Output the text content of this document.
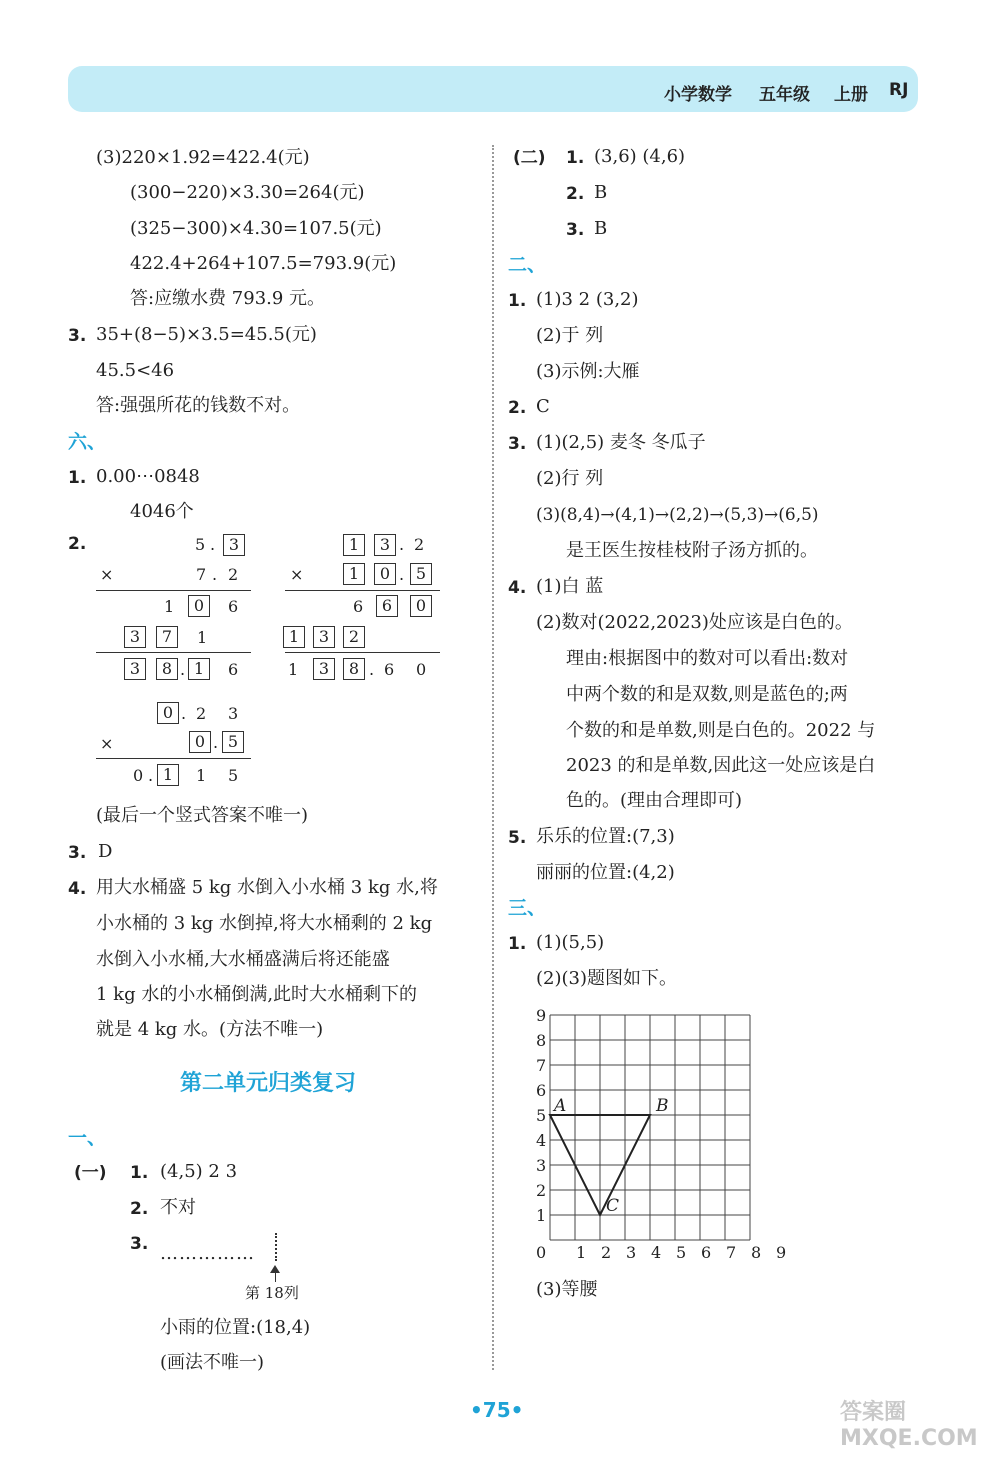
小学数学 五年级 上册 RJ
(3)220×1.92=422.4(元)
(300−220)×3.30=264(元)
(325−300)×4.30=107.5(元)
422.4+264+107.5=793.9(元)
答:应缴水费 793.9 元。
3. 35+(8−5)×3.5=45.5(元)
45.5<46
答:强强所花的钱数不对。
六、
1. 0.00⋯0848
4046个
2.	5 . 3
×	7 . 2
1	0	6
3	7	1
3	8 . 1	6
1	3 . 2
×	1	0 . 5
6	6	0
1	3	2
1	3	8 . 6 0
0 . 2 3
×	0 . 5
0 . 1	1 5
(最后一个竖式答案不唯一)
3. D
4. 用大水桶盛 5 kg 水倒入小水桶 3 kg 水,将
小水桶的 3 kg 水倒掉,将大水桶剩的 2 kg
水倒入小水桶,大水桶盛满后将还能盛
1 kg 水的小水桶倒满,此时大水桶剩下的
就是 4 kg 水。(方法不唯一)
第二单元归类复习
一、
(一) 1. (4,5) 2 3
2. 不对
3. ……………
第 18列
小雨的位置:(18,4)
(画法不唯一)
(二) 1. (3,6) (4,6)
2. B
3. B
二、
1. (1)3 2 (3,2)
(2)于 列
(3)示例:大雁
2. C
3. (1)(2,5) 麦冬 冬瓜子
(2)行 列
(3)(8,4)→(4,1)→(2,2)→(5,3)→(6,5)
是王医生按桂枝附子汤方抓的。
4. (1)白 蓝
(2)数对(2022,2023)处应该是白色的。
理由:根据图中的数对可以看出:数对
中两个数的和是双数,则是蓝色的;两
个数的和是单数,则是白色的。2022 与
2023 的和是单数,因此这一处应该是白
色的。(理由合理即可)
5. 乐乐的位置:(7,3)
丽丽的位置:(4,2)
三、
1. (1)(5,5)
(2)(3)题图如下。
0 1 2 3 4 5 6 7 8 9
1
2
3
4
5
6
7
8
9
A	B
C
(3)等腰
•75•	答案圈 MXQE.COM
